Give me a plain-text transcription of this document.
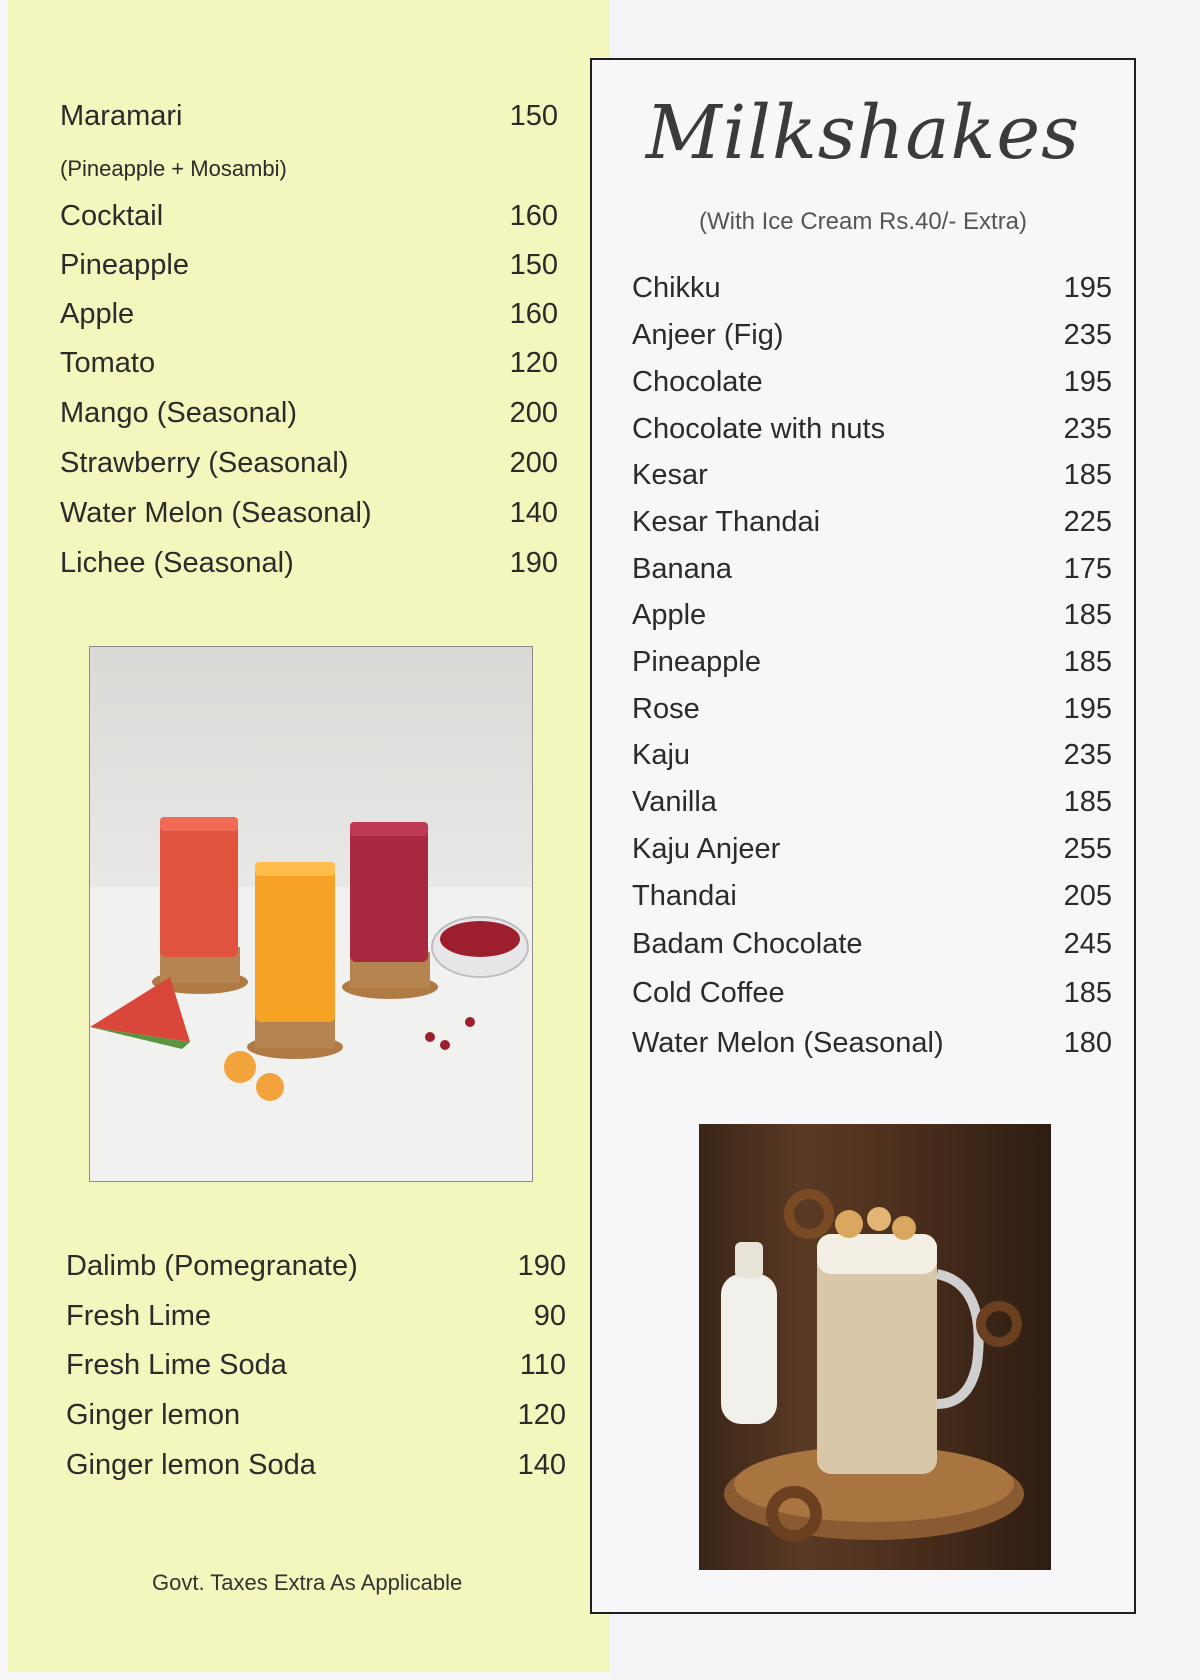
Maramari	150
Cocktail	160
Pineapple	150
Apple	160
Tomato	120
Mango (Seasonal)	200
Strawberry (Seasonal)	200
Water Melon (Seasonal)	140
Lichee (Seasonal)	190
(Pineapple + Mosambi)
Dalimb (Pomegranate)	190
Fresh Lime	90
Fresh Lime Soda	110
Ginger lemon	120
Ginger lemon Soda	140
Govt. Taxes Extra As Applicable
Milkshakes
(With Ice Cream Rs.40/- Extra)
Chikku	195
Anjeer (Fig)	235
Chocolate	195
Chocolate with nuts	235
Kesar	185
Kesar Thandai	225
Banana	175
Apple	185
Pineapple	185
Rose	195
Kaju	235
Vanilla	185
Kaju Anjeer	255
Thandai	205
Badam Chocolate	245
Cold Coffee	185
Water Melon (Seasonal)	180
